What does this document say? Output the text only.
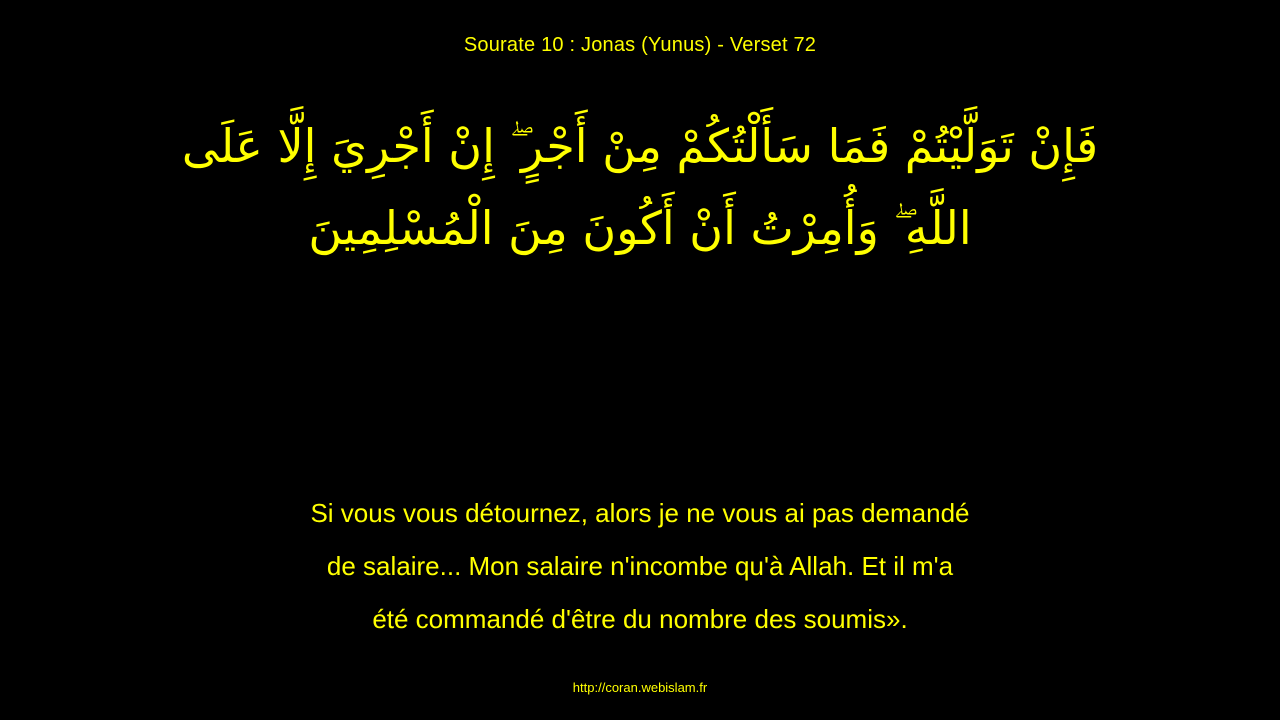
Sourate 10 : Jonas (Yunus) - Verset 72
فَإِنْ تَوَلَّيْتُمْ فَمَا سَأَلْتُكُمْ مِنْ أَجْرٍ ۖ إِنْ أَجْرِيَ إِلَّا عَلَى اللَّهِ ۖ وَأُمِرْتُ أَنْ أَكُونَ مِنَ الْمُسْلِمِينَ
Si vous vous détournez, alors je ne vous ai pas demandé
de salaire... Mon salaire n'incombe qu'à Allah. Et il m'a
été commandé d'être du nombre des soumis».
http://coran.webislam.fr
